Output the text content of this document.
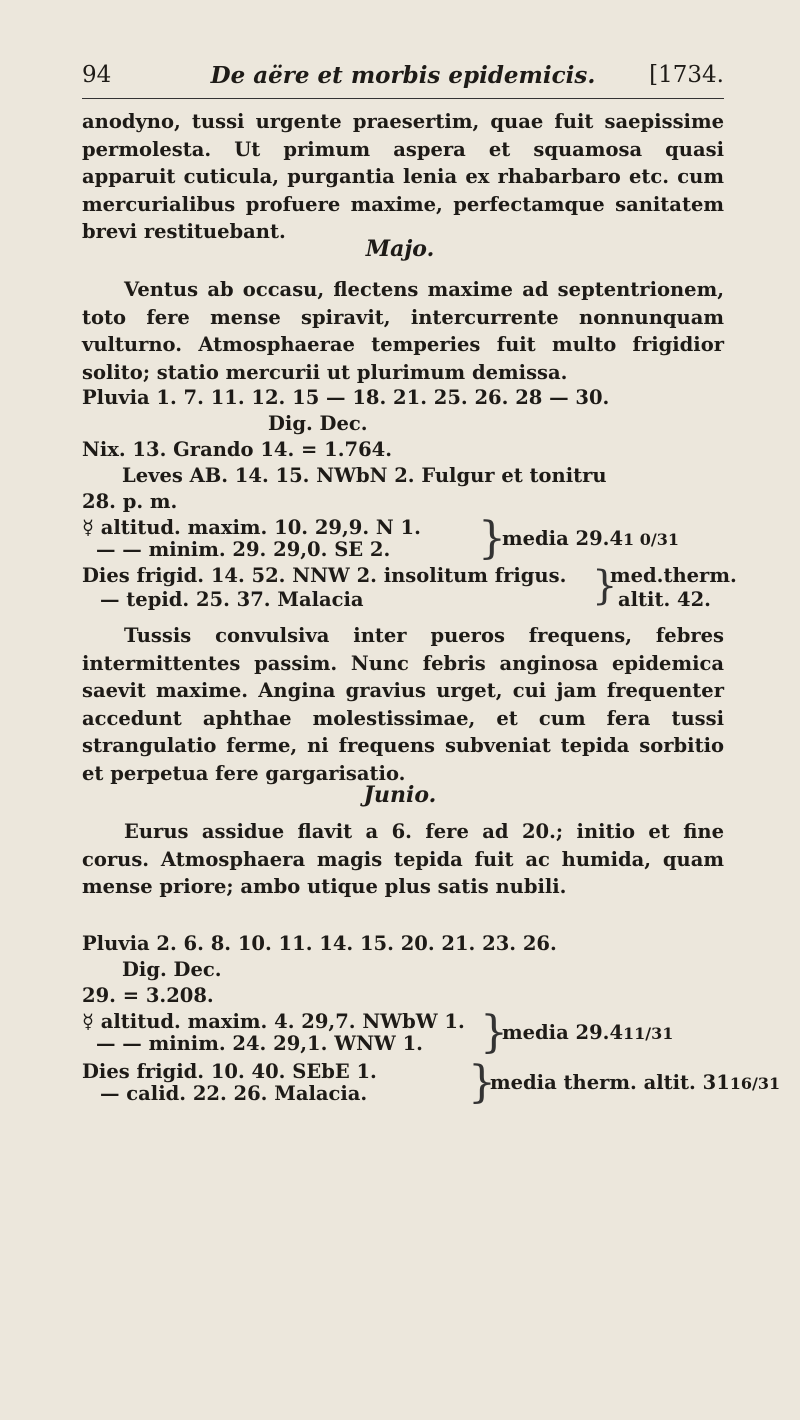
94	De aëre et morbis epidemicis.	[1734.

anodyno, tussi urgente praesertim, quae fuit saepissime permolesta. Ut primum aspera et squamosa quasi apparuit cuticula, purgantia lenia ex rhabarbaro etc. cum mercurialibus profuere maxime, perfectamque sanitatem brevi restituebant.

Majo.

Ventus ab occasu, flectens maxime ad septentrionem, toto fere mense spiravit, intercurrente nonnunquam vulturno. Atmosphaerae temperies fuit multo frigidior solito; statio mercurii ut plurimum demissa.

Pluvia 1. 7. 11. 12. 15 — 18. 21. 25. 26. 28 — 30.
Dig. Dec.
Nix. 13. Grando 14. = 1.764.
Leves AB. 14. 15. NWbN 2. Fulgur et tonitru
28. p. m.
☿ altitud. maxim. 10. 29,9. N 1.
— — minim. 29. 29,0. SE 2. }
media 29.41 0/31
Dies frigid. 14. 52. NNW 2. insolitum frigus.
— tepid. 25. 37. Malacia	}
med.therm.
altit. 42.

Tussis convulsiva inter pueros frequens, febres intermittentes passim. Nunc febris anginosa epidemica saevit maxime. Angina gravius urget, cui jam frequenter accedunt aphthae molestissimae, et cum fera tussi strangulatio ferme, ni frequens subveniat tepida sorbitio et perpetua fere gargarisatio.

Junio.

Eurus assidue flavit a 6. fere ad 20.; initio et fine corus. Atmosphaera magis tepida fuit ac humida, quam mense priore; ambo utique plus satis nubili.

Pluvia 2. 6. 8. 10. 11. 14. 15. 20. 21. 23. 26.
Dig. Dec.
29. = 3.208.
☿ altitud. maxim. 4. 29,7. NWbW 1.
— — minim. 24. 29,1. WNW 1. }
media 29.411/31
Dies frigid. 10. 40. SEbE 1.
— calid. 22. 26. Malacia. }
media therm. altit. 3116/31
